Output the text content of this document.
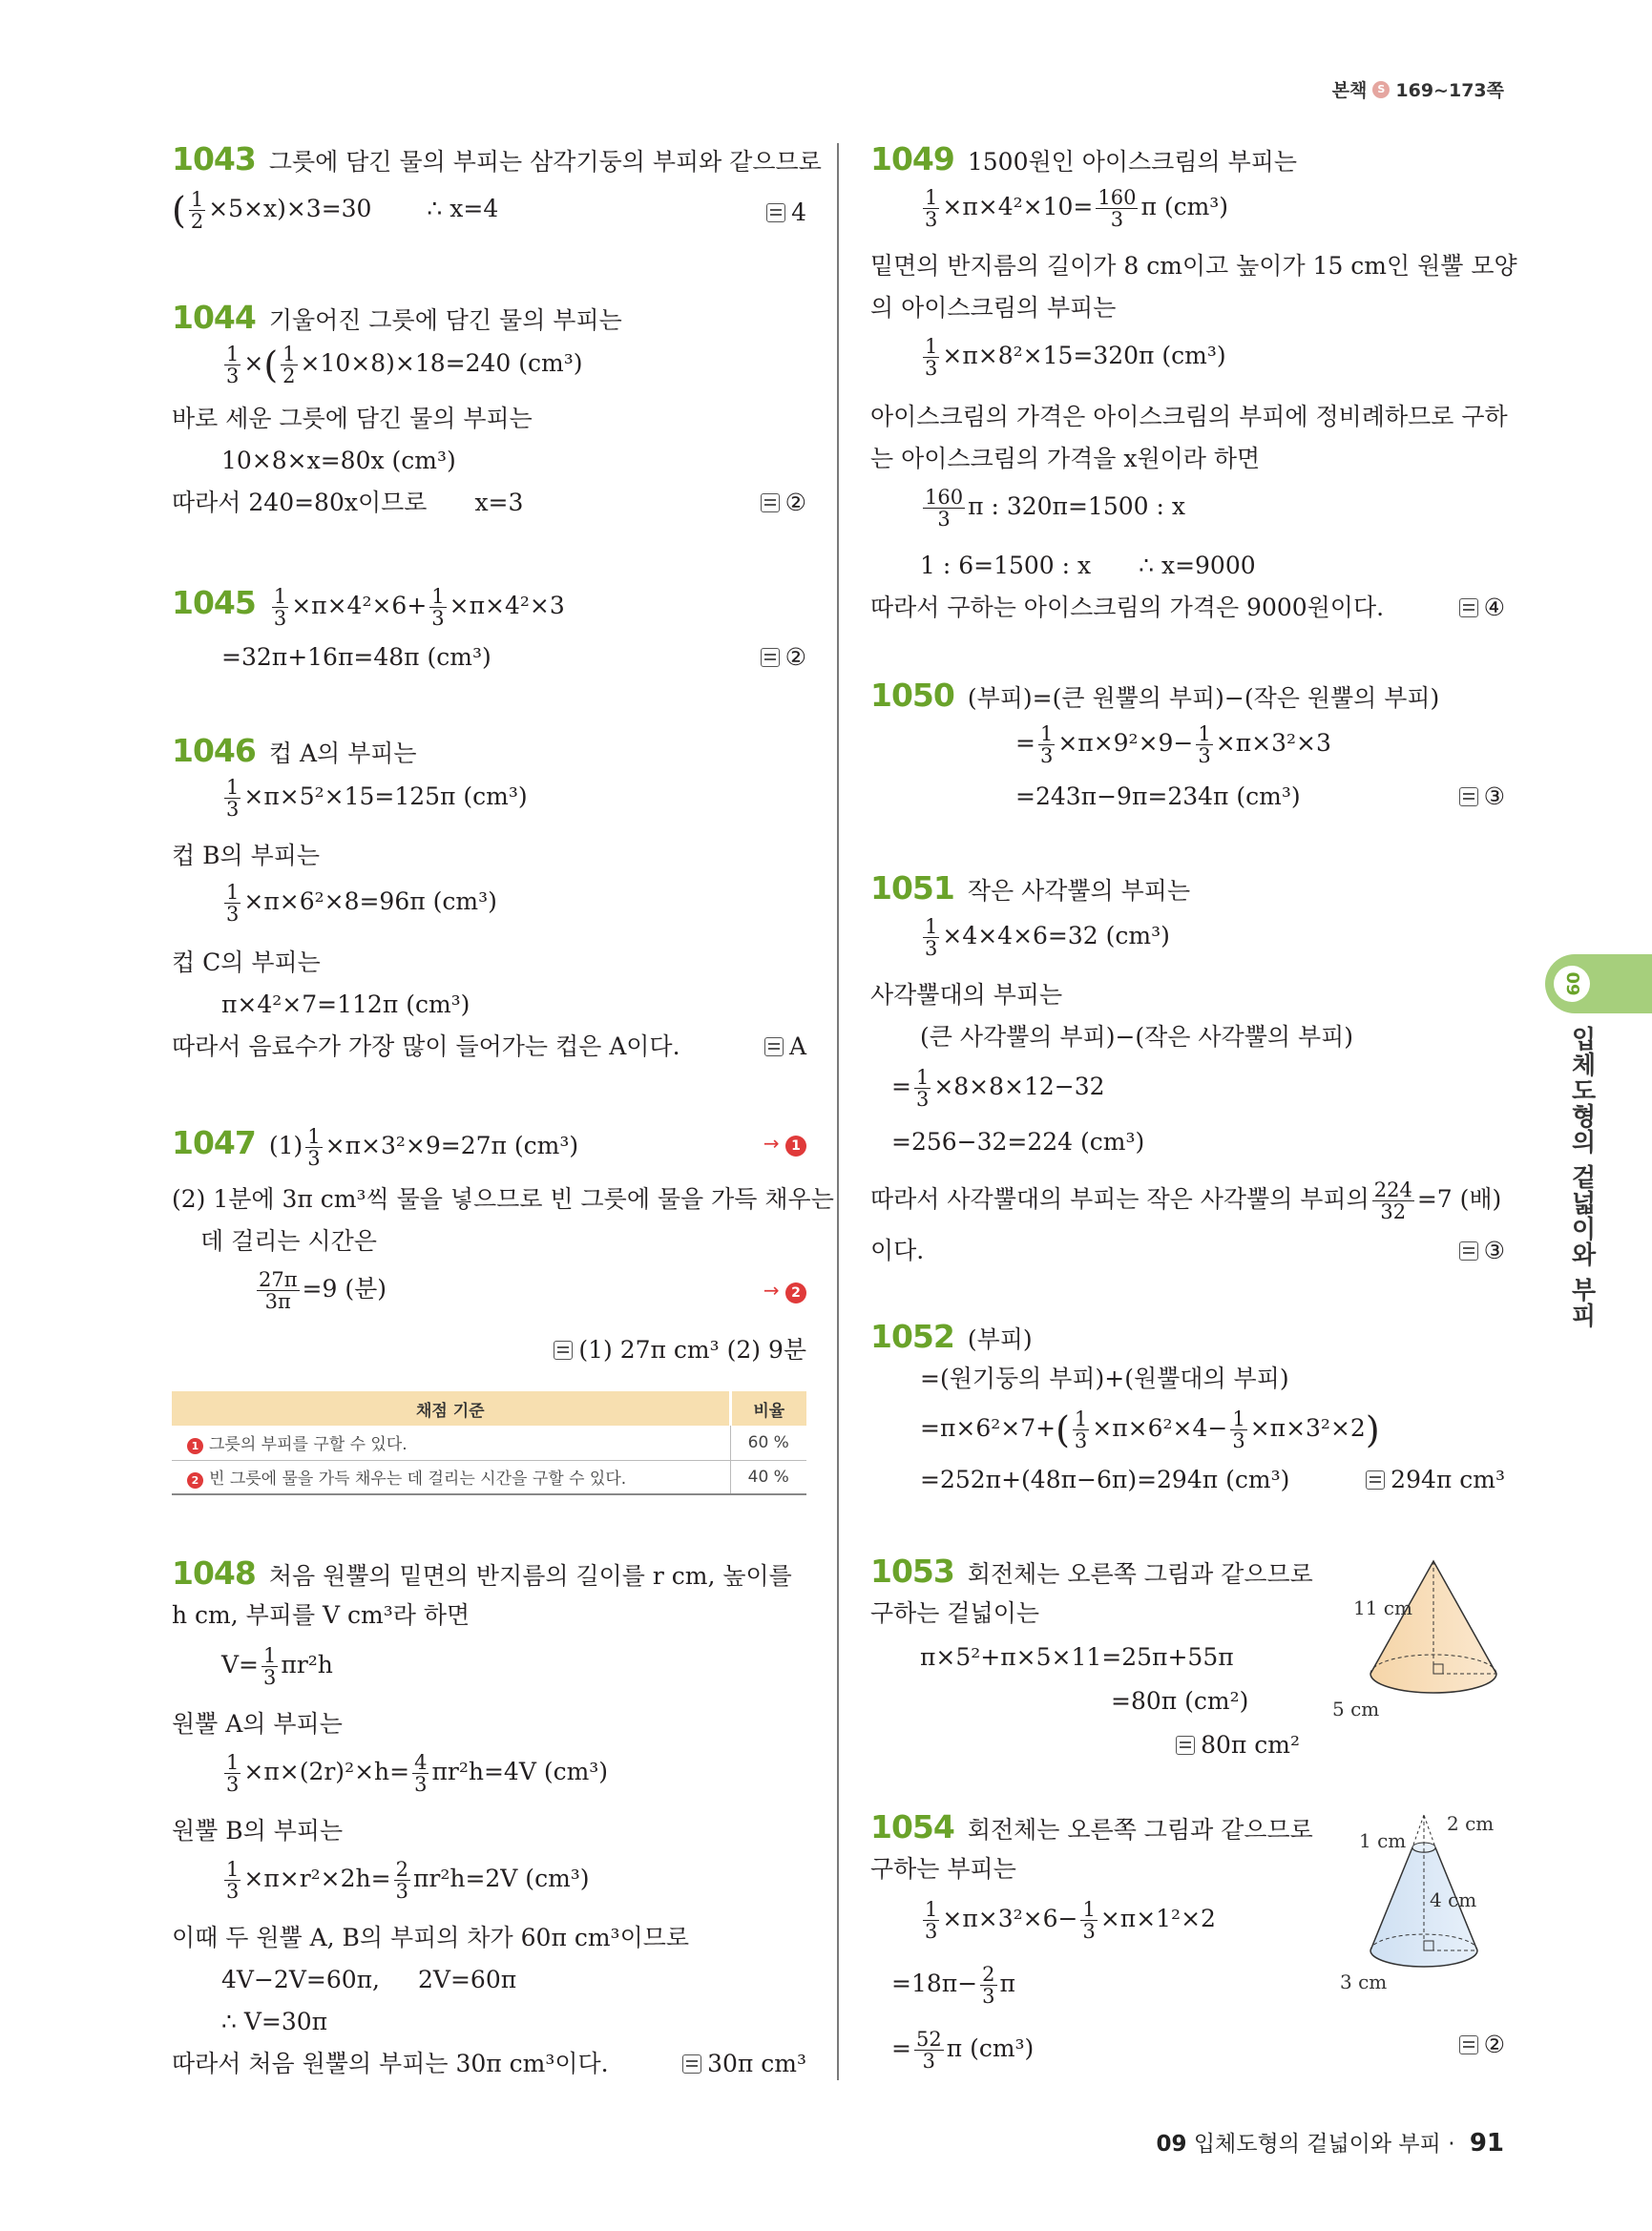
본책	S 169~173쪽
1043 그릇에 담긴 물의 부피는 삼각기둥의 부피와 같으므로
( $\frac{1}{2} \times 5\times x)\times 3=30$ ∴ x=4	4
1044 기울어진 그릇에 담긴 물의 부피는
$\frac{1}{3}$ ×( $\frac{1}{2} \times 10\times 8)\times 18=240$ (cm³)
바로 세운 그릇에 담긴 물의 부피는
10×8×x=80x (cm³)
따라서 240=80x이므로 x=3	②
$1045 \frac{1}{3} \times\pi\times 4^2\times 6+ \frac{1}{3} \times\pi\times 4^2\times 3$
=32π+16π=48π (cm³)	②
1046 컵 A의 부피는
$\frac{1}{3} \times\pi\times 5^2\times 15=125\pi$ (cm³)
컵 B의 부피는
$\frac{1}{3} \times\pi\times 6^2\times 8=96\pi$ (cm³)
컵 C의 부피는
π×4²×7=112π (cm³)
따라서 음료수가 가장 많이 들어가는 컵은 A이다.	A
1047 $(1) \frac{1}{3} \times\pi\times 3^2\times 9=27\pi$ (cm³)	→ 1
(2) 1분에 3π cm³씩 물을 넣으므로 빈 그릇에 물을 가득 채우는
데 걸리는 시간은
$\frac{27\pi}{3\pi} =9$ (분)	→ 2
(1) 27π cm³ (2) 9분
채점 기준	비율
1 그릇의 부피를 구할 수 있다.	60 %
2 빈 그릇에 물을 가득 채우는 데 걸리는 시간을 구할 수 있다.	40 %
1048 처음 원뿔의 밑면의 반지름의 길이를 r cm, 높이를
h cm, 부피를 V cm³라 하면
$V= \frac{1}{3} \pi r^2h$
원뿔 A의 부피는
$\frac{1}{3} \times\pi\times(2r)^2\times h= \frac{4}{3} \pi r^2h=4V$ (cm³)
원뿔 B의 부피는
$\frac{1}{3} \times\pi\times r^2\times 2h= \frac{2}{3} \pi r^2h=2V$ (cm³)
이때 두 원뿔 A, B의 부피의 차가 60π cm³이므로
4V−2V=60π, 2V=60π
∴ V=30π
따라서 처음 원뿔의 부피는 30π cm³이다.	30π cm³
1049 1500원인 아이스크림의 부피는
$\frac{1}{3} \times\pi\times 4^2\times 10= \frac{160}{3}$ π (cm³)
밑면의 반지름의 길이가 8 cm이고 높이가 15 cm인 원뿔 모양
의 아이스크림의 부피는
$\frac{1}{3} \times\pi\times 8^2\times 15=320\pi$ (cm³)
아이스크림의 가격은 아이스크림의 부피에 정비례하므로 구하
는 아이스크림의 가격을 x원이라 하면
$\frac{160}{3}$ π : 320π=1500 : x
1 : 6=1500 : x ∴ x=9000
따라서 구하는 아이스크림의 가격은 9000원이다.	④
1050 (부피)=(큰 원뿔의 부피)−(작은 원뿔의 부피)
= $\frac{1}{3} \times\pi\times 9^2\times 9- \frac{1}{3} \times\pi\times 3^2\times 3$
=243π−9π=234π (cm³)	③
1051 작은 사각뿔의 부피는
$\frac{1}{3} \times 4\times 4\times 6=32$ (cm³)
사각뿔대의 부피는
(큰 사각뿔의 부피)−(작은 사각뿔의 부피)
= $\frac{1}{3} \times 8\times 8\times 12-32$
=256−32=224 (cm³)
따라서 사각뿔대의 부피는 작은 사각뿔의 부피의 $\frac{224}{32} =7$ (배)
이다.	③
1052 (부피)
=(원기둥의 부피)+(원뿔대의 부피)
$=\pi\times 6^2\times 7+( \frac{1}{3} \times\pi\times 6^2\times 4- \frac{1}{3} \times\pi\times 3^2\times 2)$
=252π+(48π−6π)=294π (cm³)	294π cm³
1053 회전체는 오른쪽 그림과 같으므로
구하는 겉넓이는
π×5²+π×5×11=25π+55π
=80π (cm²)
80π cm²
11 cm
5 cm
1054 회전체는 오른쪽 그림과 같으므로
구하는 부피는
$\frac{1}{3} \times\pi\times 3^2\times 6- \frac{1}{3} \times\pi\times 1^2\times 2$
$=18\pi- \frac{2}{3}$ π
= $\frac{52}{3}$ π (cm³)	②
2 cm
1 cm
4 cm
3 cm
09
입체도형의 겉넓이와 부피
09 입체도형의 겉넓이와 부피 · 91
